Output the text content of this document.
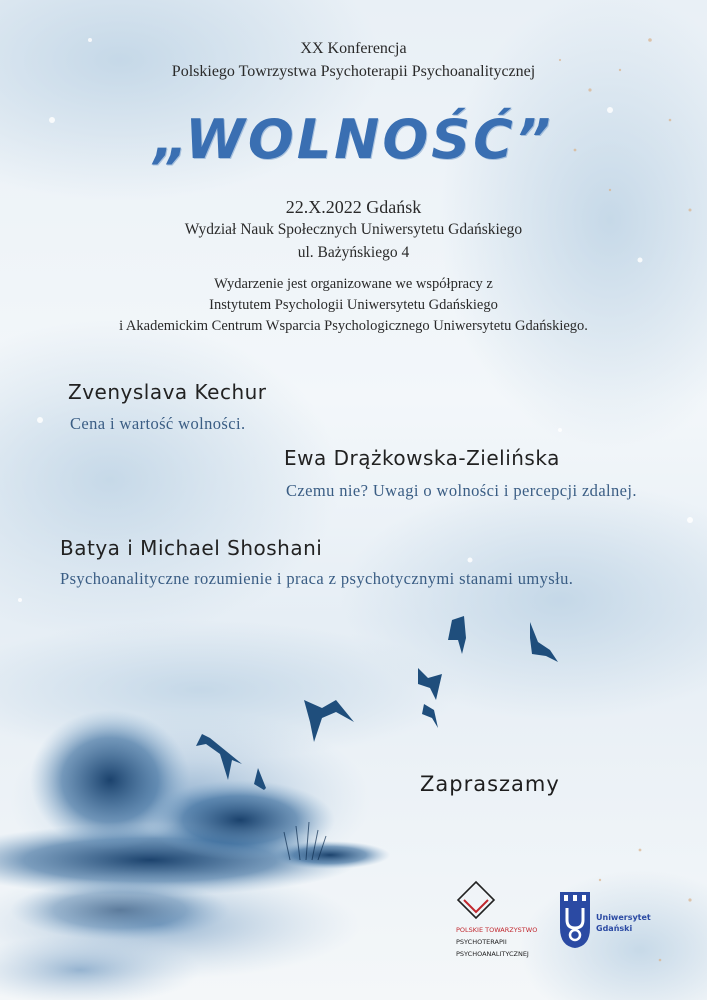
XX Konferencja

Polskiego Towrzystwa Psychoterapii Psychoanalitycznej

„WOLNOŚĆ”

22.X.2022 Gdańsk

Wydział Nauk Społecznych Uniwersytetu Gdańskiego

ul. Bażyńskiego 4

Wydarzenie jest organizowane we współpracy z

Instytutem Psychologii Uniwersytetu Gdańskiego

i Akademickim Centrum Wsparcia Psychologicznego Uniwersytetu Gdańskiego.

Zvenyslava Kechur

Cena i wartość wolności.

Ewa Drążkowska-Zielińska

Czemu nie? Uwagi o wolności i percepcji zdalnej.

Batya i Michael Shoshani

Psychoanalityczne rozumienie i praca z psychotycznymi stanami umysłu.

Zapraszamy

POLSKIE TOWARZYSTWO
PSYCHOTERAPII
PSYCHOANALITYCZNEJ
Uniwersytet
Gdański
